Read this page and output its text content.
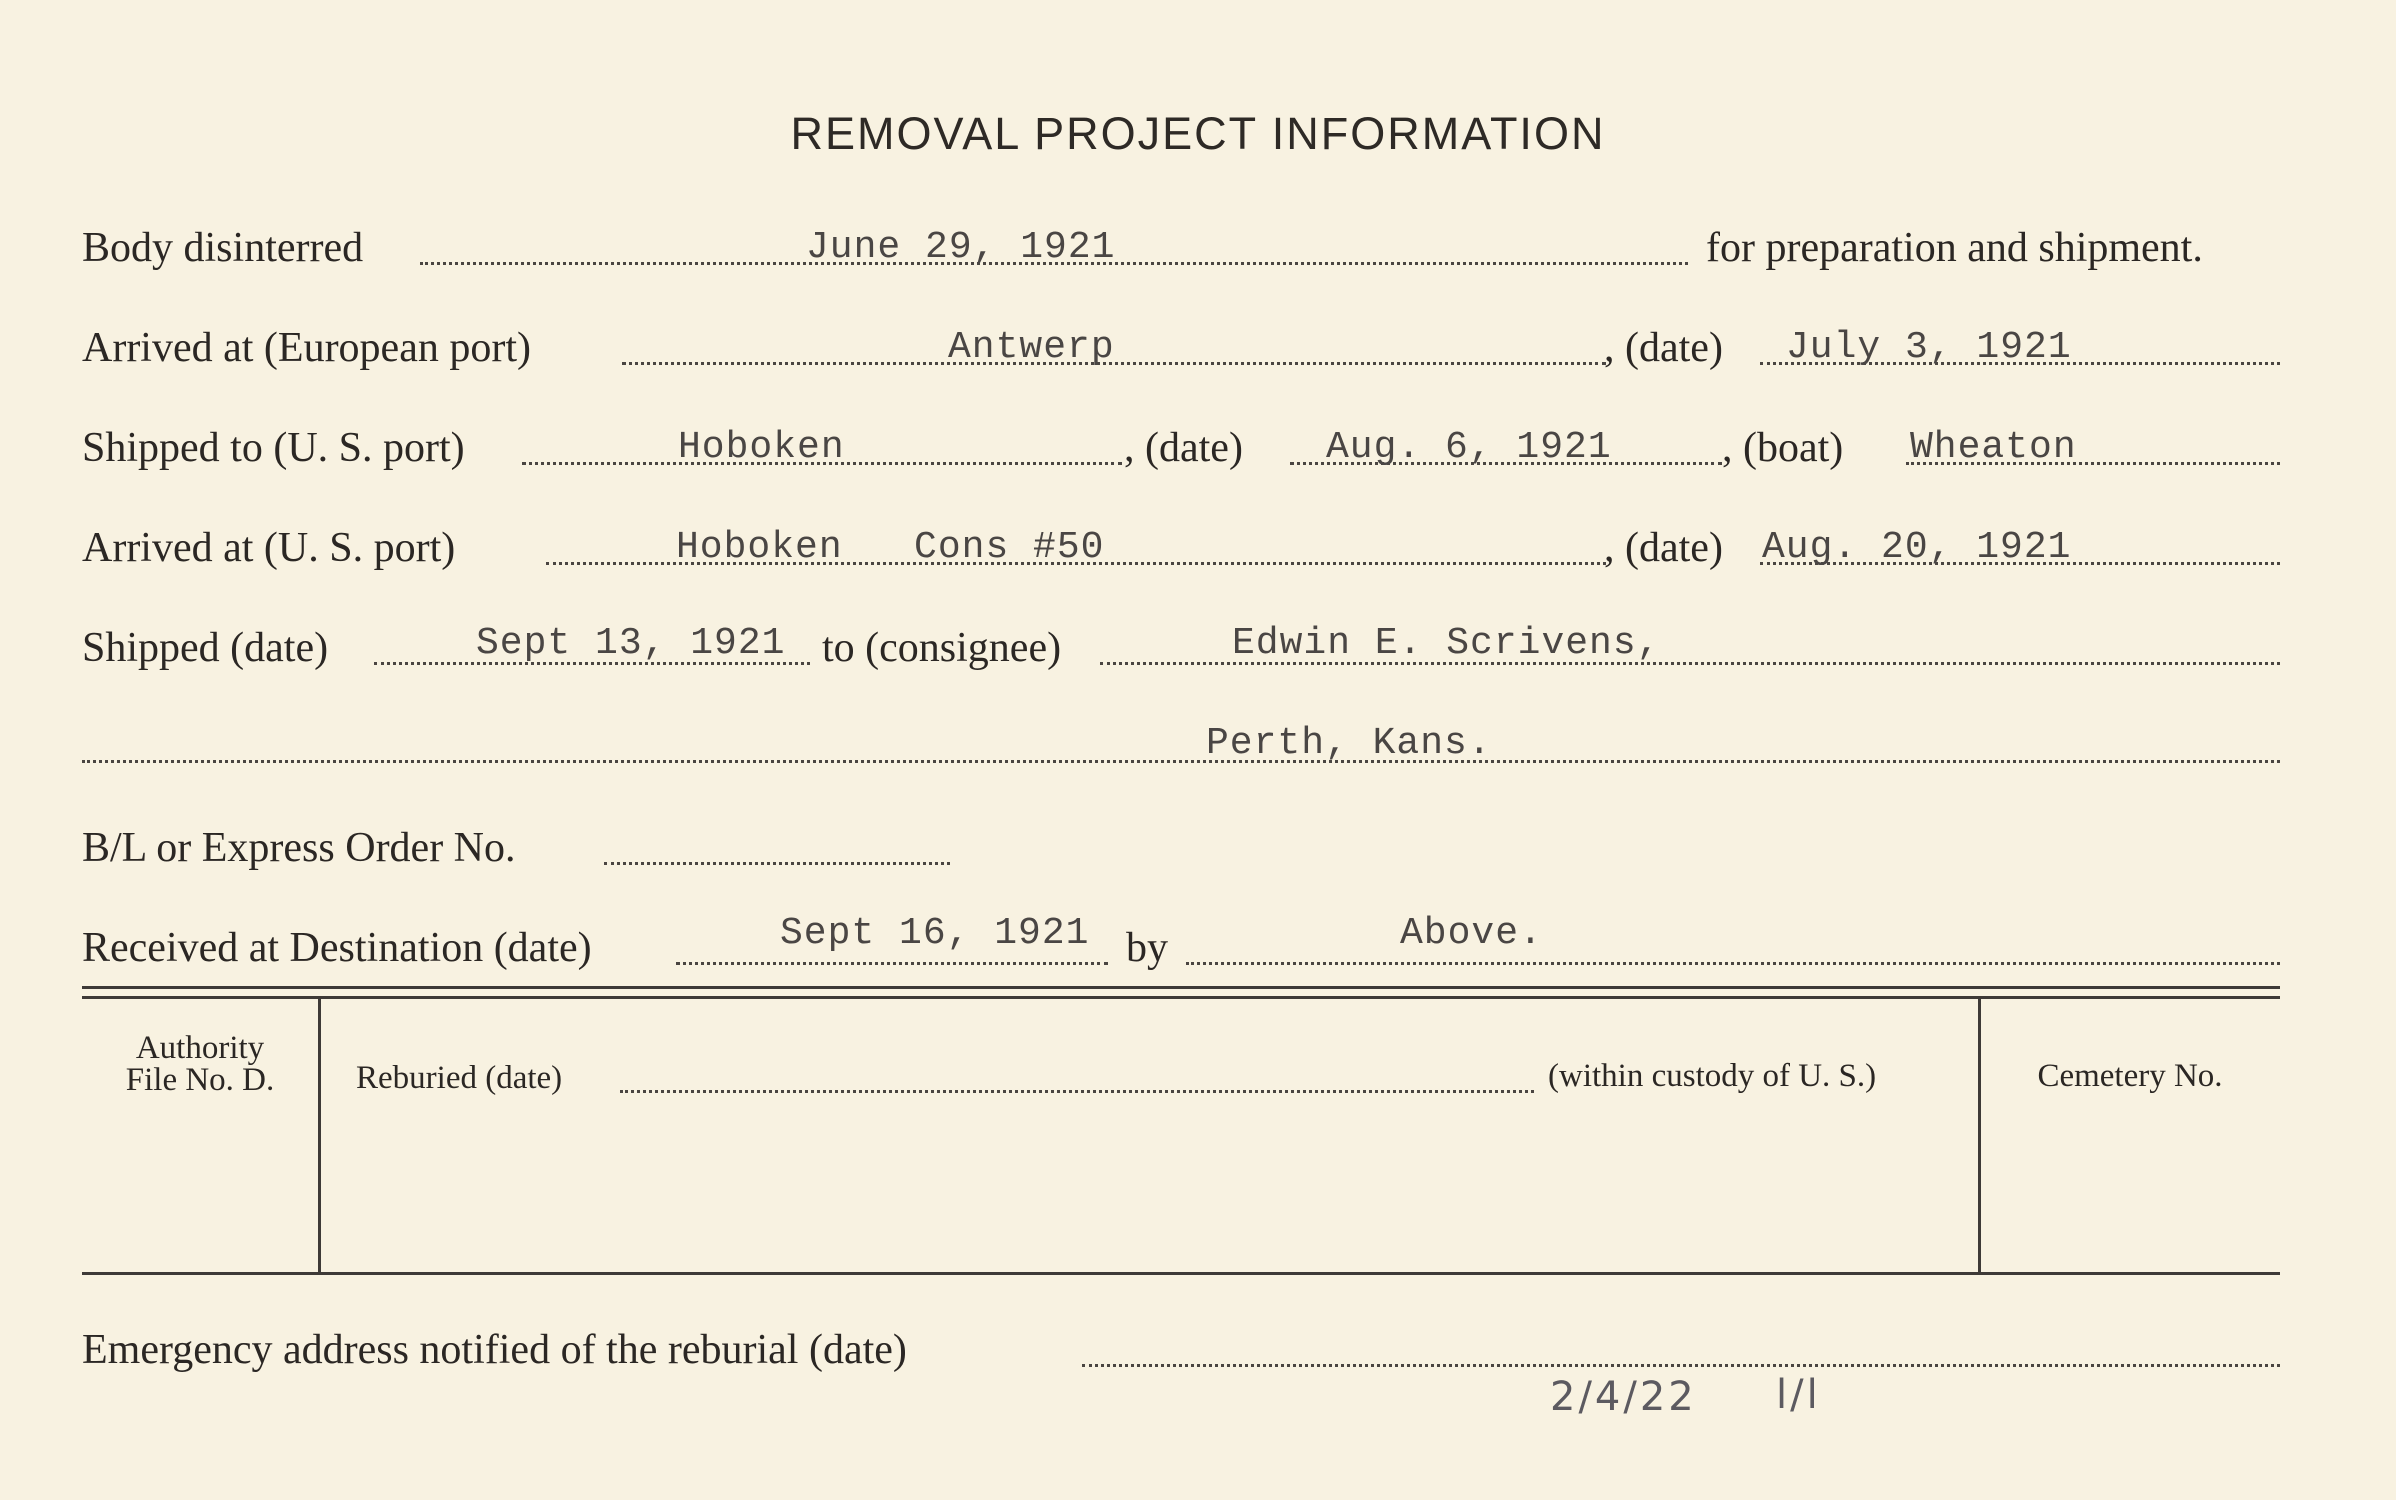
REMOVAL PROJECT INFORMATION
Body disinterred	June 29, 1921	for preparation and shipment.
Arrived at (European port)	Antwerp	, (date) July 3, 1921
Shipped to (U. S. port)	Hoboken	, (date) Aug. 6, 1921	, (boat) Wheaton
Arrived at (U. S. port)	Hoboken   Cons #50	, (date) Aug. 20, 1921
Shipped (date)	Sept 13, 1921 to (consignee)	Edwin E. Scrivens,
Perth, Kans.
B/L or Express Order No.
Received at Destination (date)	Sept 16, 1921 by	Above.
Authority
File No. D.	Reburied (date)	(within custody of U. S.)	Cemetery No.
Emergency address notified of the reburial (date)
2/4/22 l/l
